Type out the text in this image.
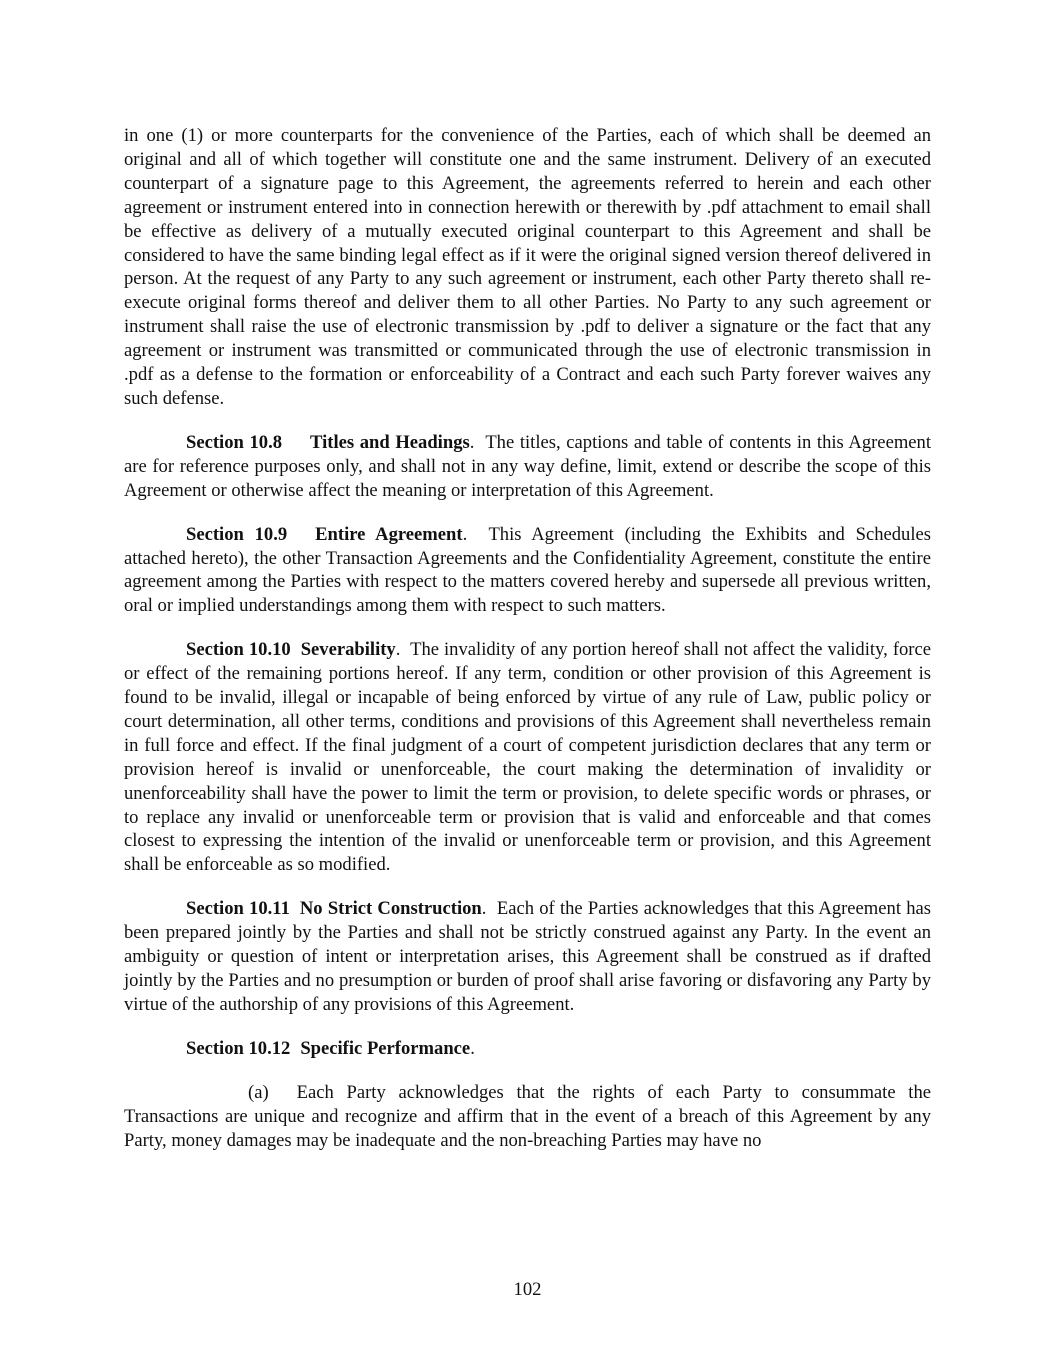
in one (1) or more counterparts for the convenience of the Parties, each of which shall be deemed an original and all of which together will constitute one and the same instrument. Delivery of an executed counterpart of a signature page to this Agreement, the agreements referred to herein and each other agreement or instrument entered into in connection herewith or therewith by .pdf attachment to email shall be effective as delivery of a mutually executed original counterpart to this Agreement and shall be considered to have the same binding legal effect as if it were the original signed version thereof delivered in person. At the request of any Party to any such agreement or instrument, each other Party thereto shall re-execute original forms thereof and deliver them to all other Parties. No Party to any such agreement or instrument shall raise the use of electronic transmission by .pdf to deliver a signature or the fact that any agreement or instrument was transmitted or communicated through the use of electronic transmission in .pdf as a defense to the formation or enforceability of a Contract and each such Party forever waives any such defense.

Section 10.8 Titles and Headings.  The titles, captions and table of contents in this Agreement are for reference purposes only, and shall not in any way define, limit, extend or describe the scope of this Agreement or otherwise affect the meaning or interpretation of this Agreement.

Section 10.9 Entire Agreement.  This Agreement (including the Exhibits and Schedules attached hereto), the other Transaction Agreements and the Confidentiality Agreement, constitute the entire agreement among the Parties with respect to the matters covered hereby and supersede all previous written, oral or implied understandings among them with respect to such matters.

Section 10.10 Severability.  The invalidity of any portion hereof shall not affect the validity, force or effect of the remaining portions hereof. If any term, condition or other provision of this Agreement is found to be invalid, illegal or incapable of being enforced by virtue of any rule of Law, public policy or court determination, all other terms, conditions and provisions of this Agreement shall nevertheless remain in full force and effect. If the final judgment of a court of competent jurisdiction declares that any term or provision hereof is invalid or unenforceable, the court making the determination of invalidity or unenforceability shall have the power to limit the term or provision, to delete specific words or phrases, or to replace any invalid or unenforceable term or provision that is valid and enforceable and that comes closest to expressing the intention of the invalid or unenforceable term or provision, and this Agreement shall be enforceable as so modified.

Section 10.11 No Strict Construction.  Each of the Parties acknowledges that this Agreement has been prepared jointly by the Parties and shall not be strictly construed against any Party. In the event an ambiguity or question of intent or interpretation arises, this Agreement shall be construed as if drafted jointly by the Parties and no presumption or burden of proof shall arise favoring or disfavoring any Party by virtue of the authorship of any provisions of this Agreement.

Section 10.12 Specific Performance.

(a) Each Party acknowledges that the rights of each Party to consummate the Transactions are unique and recognize and affirm that in the event of a breach of this Agreement by any Party, money damages may be inadequate and the non-breaching Parties may have no

102
